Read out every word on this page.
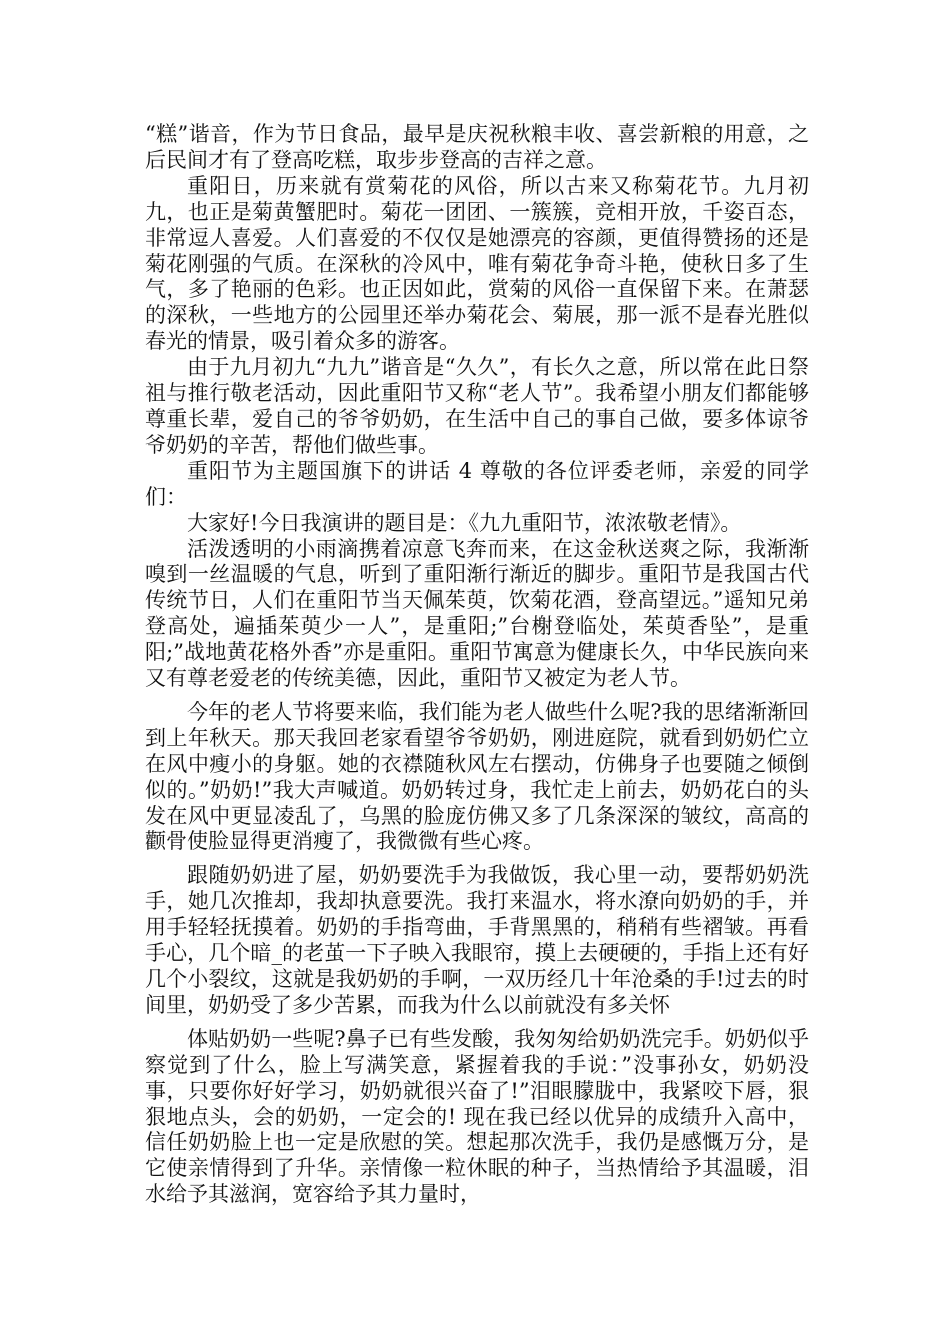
“糕”谐音，作为节日食品，最早是庆祝秋粮丰收、喜尝新粮的用意，之后民间才有了登高吃糕，取步步登高的吉祥之意。

重阳日，历来就有赏菊花的风俗，所以古来又称菊花节。九月初九，也正是菊黄蟹肥时。菊花一团团、一簇簇，竞相开放，千姿百态，非常逗人喜爱。人们喜爱的不仅仅是她漂亮的容颜，更值得赞扬的还是菊花刚强的气质。在深秋的冷风中，唯有菊花争奇斗艳，使秋日多了生气，多了艳丽的色彩。也正因如此，赏菊的风俗一直保留下来。在萧瑟的深秋，一些地方的公园里还举办菊花会、菊展，那一派不是春光胜似春光的情景，吸引着众多的游客。

由于九月初九“九九”谐音是“久久”，有长久之意，所以常在此日祭祖与推行敬老活动，因此重阳节又称“老人节”。我希望小朋友们都能够尊重长辈，爱自己的爷爷奶奶，在生活中自己的事自己做，要多体谅爷爷奶奶的辛苦，帮他们做些事。

重阳节为主题国旗下的讲话 4 尊敬的各位评委老师，亲爱的同学们：

大家好!今日我演讲的题目是：《九九重阳节，浓浓敬老情》。

活泼透明的小雨滴携着凉意飞奔而来，在这金秋送爽之际，我渐渐嗅到一丝温暖的气息，听到了重阳渐行渐近的脚步。重阳节是我国古代传统节日，人们在重阳节当天佩茱萸，饮菊花酒，登高望远。”遥知兄弟登高处，遍插茱萸少一人”，是重阳;”台榭登临处，茱萸香坠”，是重阳;”战地黄花格外香”亦是重阳。重阳节寓意为健康长久，中华民族向来又有尊老爱老的传统美德，因此，重阳节又被定为老人节。

今年的老人节将要来临，我们能为老人做些什么呢?我的思绪渐渐回到上年秋天。那天我回老家看望爷爷奶奶，刚进庭院，就看到奶奶伫立在风中瘦小的身躯。她的衣襟随秋风左右摆动，仿佛身子也要随之倾倒似的。”奶奶!”我大声喊道。奶奶转过身，我忙走上前去，奶奶花白的头发在风中更显凌乱了，乌黑的脸庞仿佛又多了几条深深的皱纹，高高的颧骨使脸显得更消瘦了，我微微有些心疼。

跟随奶奶进了屋，奶奶要洗手为我做饭，我心里一动，要帮奶奶洗手，她几次推却，我却执意要洗。我打来温水，将水潦向奶奶的手，并用手轻轻抚摸着。奶奶的手指弯曲，手背黑黑的，稍稍有些褶皱。再看手心，几个暗_的老茧一下子映入我眼帘，摸上去硬硬的，手指上还有好几个小裂纹，这就是我奶奶的手啊，一双历经几十年沧桑的手!过去的时间里，奶奶受了多少苦累，而我为什么以前就没有多关怀

体贴奶奶一些呢?鼻子已有些发酸，我匆匆给奶奶洗完手。奶奶似乎察觉到了什么，脸上写满笑意，紧握着我的手说：”没事孙女，奶奶没事，只要你好好学习，奶奶就很兴奋了!”泪眼朦胧中，我紧咬下唇，狠狠地点头，会的奶奶，一定会的! 现在我已经以优异的成绩升入高中，信任奶奶脸上也一定是欣慰的笑。想起那次洗手，我仍是感慨万分，是它使亲情得到了升华。亲情像一粒休眠的种子，当热情给予其温暖，泪水给予其滋润，宽容给予其力量时，
